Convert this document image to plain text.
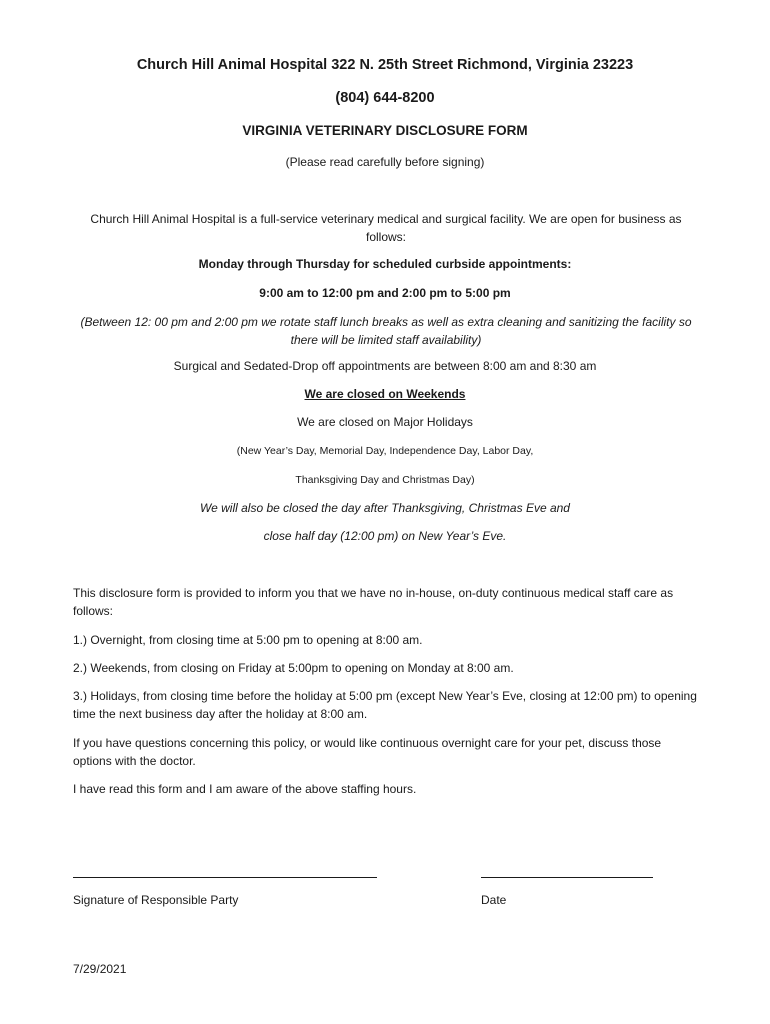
Church Hill Animal Hospital 322 N. 25th Street Richmond, Virginia 23223
(804) 644-8200
VIRGINIA VETERINARY DISCLOSURE FORM
(Please read carefully before signing)
Church Hill Animal Hospital is a full-service veterinary medical and surgical facility. We are open for business as follows:
Monday through Thursday for scheduled curbside appointments:
9:00 am to 12:00 pm and 2:00 pm to 5:00 pm
(Between 12: 00 pm and 2:00 pm we rotate staff lunch breaks as well as extra cleaning and sanitizing the facility so there will be limited staff availability)
Surgical and Sedated-Drop off appointments are between 8:00 am and 8:30 am
We are closed on Weekends
We are closed on Major Holidays
(New Year’s Day, Memorial Day, Independence Day, Labor Day,
Thanksgiving Day and Christmas Day)
We will also be closed the day after Thanksgiving, Christmas Eve and
close half day (12:00 pm) on New Year’s Eve.
This disclosure form is provided to inform you that we have no in-house, on-duty continuous medical staff care as follows:
1.) Overnight, from closing time at 5:00 pm to opening at 8:00 am.
2.) Weekends, from closing on Friday at 5:00pm to opening on Monday at 8:00 am.
3.) Holidays, from closing time before the holiday at 5:00 pm (except New Year’s Eve, closing at 12:00 pm) to opening time the next business day after the holiday at 8:00 am.
If you have questions concerning this policy, or would like continuous overnight care for your pet, discuss those options with the doctor.
I have read this form and I am aware of the above staffing hours.
Signature of Responsible Party	Date
7/29/2021
